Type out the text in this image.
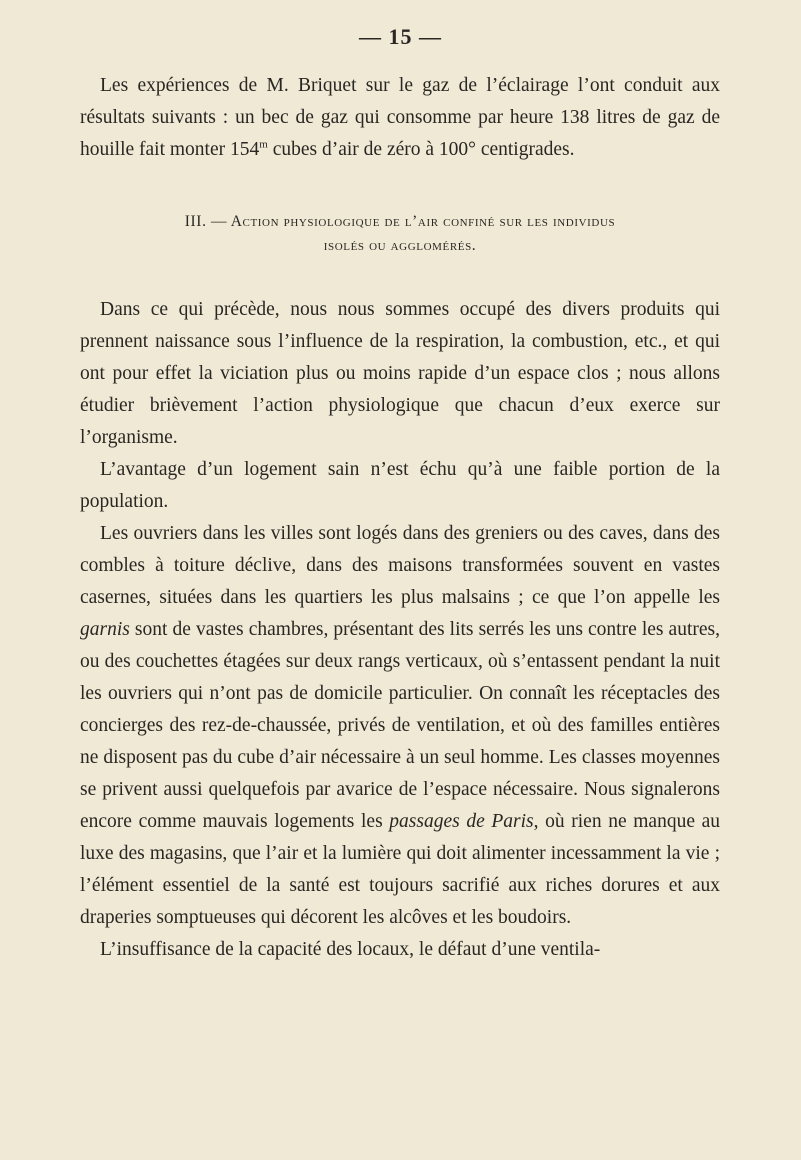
— 15 —

Les expériences de M. Briquet sur le gaz de l’éclairage l’ont conduit aux résultats suivants : un bec de gaz qui consomme par heure 138 litres de gaz de houille fait monter 154$^m$ cubes d’air de zéro à 100° centigrades.

III. — Action physiologique de l’air confiné sur les individus
isolés ou agglomérés.

Dans ce qui précède, nous nous sommes occupé des divers produits qui prennent naissance sous l’influence de la respiration, la combustion, etc., et qui ont pour effet la viciation plus ou moins rapide d’un espace clos ; nous allons étudier brièvement l’action physiologique que chacun d’eux exerce sur l’organisme.

L’avantage d’un logement sain n’est échu qu’à une faible portion de la population.

Les ouvriers dans les villes sont logés dans des greniers ou des caves, dans des combles à toiture déclive, dans des maisons transformées souvent en vastes casernes, situées dans les quartiers les plus malsains ; ce que l’on appelle les garnis sont de vastes chambres, présentant des lits serrés les uns contre les autres, ou des couchettes étagées sur deux rangs verticaux, où s’entassent pendant la nuit les ouvriers qui n’ont pas de domicile particulier. On connaît les réceptacles des concierges des rez-de-chaussée, privés de ventilation, et où des familles entières ne disposent pas du cube d’air nécessaire à un seul homme. Les classes moyennes se privent aussi quelquefois par avarice de l’espace nécessaire. Nous signalerons encore comme mauvais logements les passages de Paris, où rien ne manque au luxe des magasins, que l’air et la lumière qui doit alimenter incessamment la vie ; l’élément essentiel de la santé est toujours sacrifié aux riches dorures et aux draperies somptueuses qui décorent les alcôves et les boudoirs.

L’insuffisance de la capacité des locaux, le défaut d’une ventila-
